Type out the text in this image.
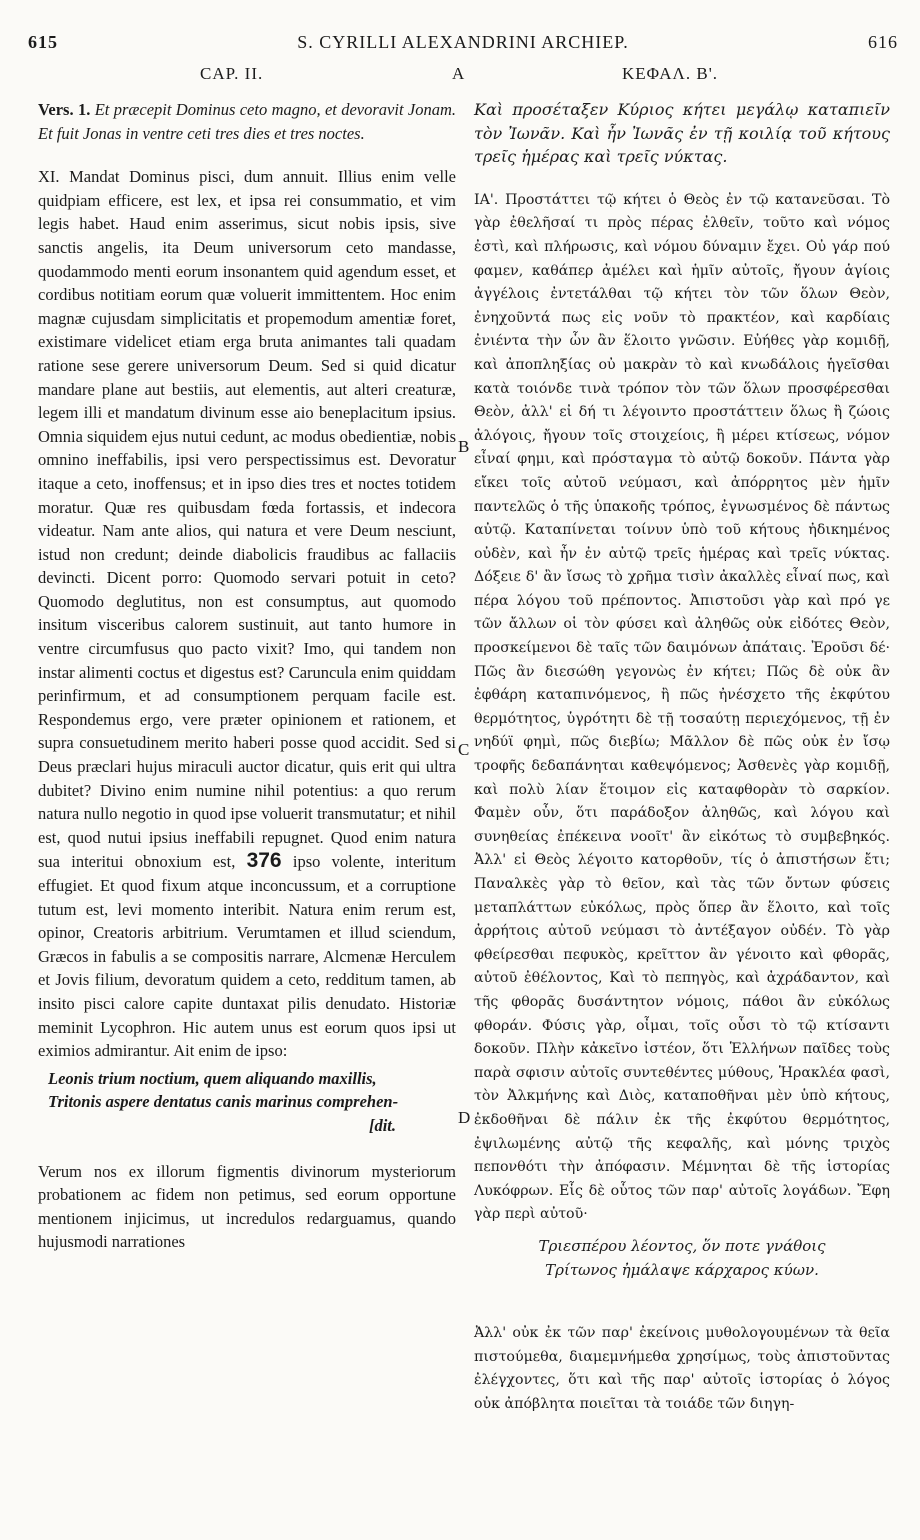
615	S. CYRILLI ALEXANDRINI ARCHIEP.	616
CAP. II.	A	ΚΕΦΑΛ. Β'.
B
C
D

Vers. 1. Et præcepit Dominus ceto magno, et devoravit Jonam. Et fuit Jonas in ventre ceti tres dies et tres noctes.

XI. Mandat Dominus pisci, dum annuit. Illius enim velle quidpiam efficere, est lex, et ipsa rei consummatio, et vim legis habet. Haud enim asserimus, sicut nobis ipsis, sive sanctis angelis, ita Deum universorum ceto mandasse, quodammodo menti eorum insonantem quid agendum esset, et cordibus notitiam eorum quæ voluerit immittentem. Hoc enim magnæ cujusdam simplicitatis et propemodum amentiæ foret, existimare videlicet etiam erga bruta animantes tali quadam ratione sese gerere universorum Deum. Sed si quid dicatur mandare plane aut bestiis, aut elementis, aut alteri creaturæ, legem illi et mandatum divinum esse aio beneplacitum ipsius. Omnia siquidem ejus nutui cedunt, ac modus obedientiæ, nobis omnino ineffabilis, ipsi vero perspectissimus est. Devoratur itaque a ceto, inoffensus; et in ipso dies tres et noctes totidem moratur. Quæ res quibusdam fœda fortassis, et indecora videatur. Nam ante alios, qui natura et vere Deum nesciunt, istud non credunt; deinde diabolicis fraudibus ac fallaciis devincti. Dicent porro: Quomodo servari potuit in ceto? Quomodo deglutitus, non est consumptus, aut quomodo insitum visceribus calorem sustinuit, aut tanto humore in ventre circumfusus quo pacto vixit? Imo, qui tandem non instar alimenti coctus et digestus est? Caruncula enim quiddam perinfirmum, et ad consumptionem perquam facile est. Respondemus ergo, vere præter opinionem et rationem, et supra consuetudinem merito haberi posse quod accidit. Sed si Deus præclari hujus miraculi auctor dicatur, quis erit qui ultra dubitet? Divino enim numine nihil potentius: a quo rerum natura nullo negotio in quod ipse voluerit transmutatur; et nihil est, quod nutui ipsius ineffabili repugnet. Quod enim natura sua interitui obnoxium est, 376 ipso volente, interitum effugiet. Et quod fixum atque inconcussum, et a corruptione tutum est, levi momento interibit. Natura enim rerum est, opinor, Creatoris arbitrium. Verumtamen et illud sciendum, Græcos in fabulis a se compositis narrare, Alcmenæ Herculem et Jovis filium, devoratum quidem a ceto, redditum tamen, ab insito pisci calore capite duntaxat pilis denudato. Historiæ meminit Lycophron. Hic autem unus est eorum quos ipsi ut eximios admirantur. Ait enim de ipso:

Leonis trium noctium, quem aliquando maxillis,
Tritonis aspere dentatus canis marinus comprehen-
[dit.

Verum nos ex illorum figmentis divinorum mysteriorum probationem ac fidem non petimus, sed eorum opportune mentionem injicimus, ut incredulos redarguamus, quando hujusmodi narrationes

Καὶ προσέταξεν Κύριος κήτει μεγάλῳ καταπιεῖν τὸν Ἰωνᾶν. Καὶ ἦν Ἰωνᾶς ἐν τῇ κοιλίᾳ τοῦ κήτους τρεῖς ἡμέρας καὶ τρεῖς νύκτας.

ΙΑ'. Προστάττει τῷ κήτει ὁ Θεὸς ἐν τῷ κατανεῦσαι. Τὸ γὰρ ἐθελῆσαί τι πρὸς πέρας ἐλθεῖν, τοῦτο καὶ νόμος ἐστὶ, καὶ πλήρωσις, καὶ νόμου δύναμιν ἔχει. Οὐ γάρ πού φαμεν, καθάπερ ἀμέλει καὶ ἡμῖν αὐτοῖς, ἤγουν ἁγίοις ἀγγέλοις ἐντετάλθαι τῷ κήτει τὸν τῶν ὅλων Θεὸν, ἐνηχοῦντά πως εἰς νοῦν τὸ πρακτέον, καὶ καρδίαις ἐνιέντα τὴν ὧν ἂν ἕλοιτο γνῶσιν. Εὐήθες γὰρ κομιδῇ, καὶ ἀποπληξίας οὐ μακρὰν τὸ καὶ κνωδάλοις ἡγεῖσθαι κατὰ τοιόνδε τινὰ τρόπον τὸν τῶν ὅλων προσφέρεσθαι Θεὸν, ἀλλ' εἰ δή τι λέγοιντο προστάττειν ὅλως ἢ ζώοις ἀλόγοις, ἤγουν τοῖς στοιχείοις, ἢ μέρει κτίσεως, νόμον εἶναί φημι, καὶ πρόσταγμα τὸ αὐτῷ δοκοῦν. Πάντα γὰρ εἴκει τοῖς αὐτοῦ νεύμασι, καὶ ἀπόρρητος μὲν ἡμῖν παντελῶς ὁ τῆς ὑπακοῆς τρόπος, ἐγνωσμένος δὲ πάντως αὐτῷ. Καταπίνεται τοίνυν ὑπὸ τοῦ κήτους ἠδικημένος οὐδὲν, καὶ ἦν ἐν αὐτῷ τρεῖς ἡμέρας καὶ τρεῖς νύκτας. Δόξειε δ' ἂν ἴσως τὸ χρῆμα τισὶν ἀκαλλὲς εἶναί πως, καὶ πέρα λόγου τοῦ πρέποντος. Ἀπιστοῦσι γὰρ καὶ πρό γε τῶν ἄλλων οἱ τὸν φύσει καὶ ἀληθῶς οὐκ εἰδότες Θεὸν, προσκείμενοι δὲ ταῖς τῶν δαιμόνων ἀπάταις. Ἐροῦσι δέ· Πῶς ἂν διεσώθη γεγονὼς ἐν κήτει; Πῶς δὲ οὐκ ἂν ἐφθάρη καταπινόμενος, ἢ πῶς ἠνέσχετο τῆς ἐκφύτου θερμότητος, ὑγρότητι δὲ τῇ τοσαύτῃ περιεχόμενος, τῇ ἐν νηδύϊ φημὶ, πῶς διεβίω; Μᾶλλον δὲ πῶς οὐκ ἐν ἴσῳ τροφῆς δεδαπάνηται καθεψόμενος; Ἀσθενὲς γὰρ κομιδῇ, καὶ πολὺ λίαν ἕτοιμον εἰς καταφθορὰν τὸ σαρκίον. Φαμὲν οὖν, ὅτι παράδοξον ἀληθῶς, καὶ λόγου καὶ συνηθείας ἐπέκεινα νοοῖτ' ἂν εἰκότως τὸ συμβεβηκός. Ἀλλ' εἰ Θεὸς λέγοιτο κατορθοῦν, τίς ὁ ἀπιστήσων ἔτι; Παναλκὲς γὰρ τὸ θεῖον, καὶ τὰς τῶν ὄντων φύσεις μεταπλάττων εὐκόλως, πρὸς ὅπερ ἂν ἕλοιτο, καὶ τοῖς ἀρρήτοις αὐτοῦ νεύμασι τὸ ἀντέξαγον οὐδέν. Τὸ γὰρ φθείρεσθαι πεφυκὸς, κρεῖττον ἂν γένοιτο καὶ φθορᾶς, αὐτοῦ ἐθέλοντος, Καὶ τὸ πεπηγὸς, καὶ ἀχράδαντον, καὶ τῆς φθορᾶς δυσάντητον νόμοις, πάθοι ἂν εὐκόλως φθοράν. Φύσις γὰρ, οἶμαι, τοῖς οὖσι τὸ τῷ κτίσαντι δοκοῦν. Πλὴν κἀκεῖνο ἰστέον, ὅτι Ἑλλήνων παῖδες τοὺς παρὰ σφισιν αὐτοῖς συντεθέντες μύθους, Ἡρακλέα φασὶ, τὸν Ἀλκμήνης καὶ Διὸς, καταποθῆναι μὲν ὑπὸ κήτους, ἐκδοθῆναι δὲ πάλιν ἐκ τῆς ἐκφύτου θερμότητος, ἐψιλωμένης αὐτῷ τῆς κεφαλῆς, καὶ μόνης τριχὸς πεπονθότι τὴν ἀπόφασιν. Μέμνηται δὲ τῆς ἱστορίας Λυκόφρων. Εἷς δὲ οὗτος τῶν παρ' αὐτοῖς λογάδων. Ἔφη γὰρ περὶ αὐτοῦ·

Τριεσπέρου λέοντος, ὅν ποτε γνάθοις
Τρίτωνος ἠμάλαψε κάρχαρος κύων.

Ἀλλ' οὐκ ἐκ τῶν παρ' ἐκείνοις μυθολογουμένων τὰ θεῖα πιστούμεθα, διαμεμνήμεθα χρησίμως, τοὺς ἀπιστοῦντας ἐλέγχοντες, ὅτι καὶ τῆς παρ' αὐτοῖς ἱστορίας ὁ λόγος οὐκ ἀπόβλητα ποιεῖται τὰ τοιάδε τῶν διηγη-
